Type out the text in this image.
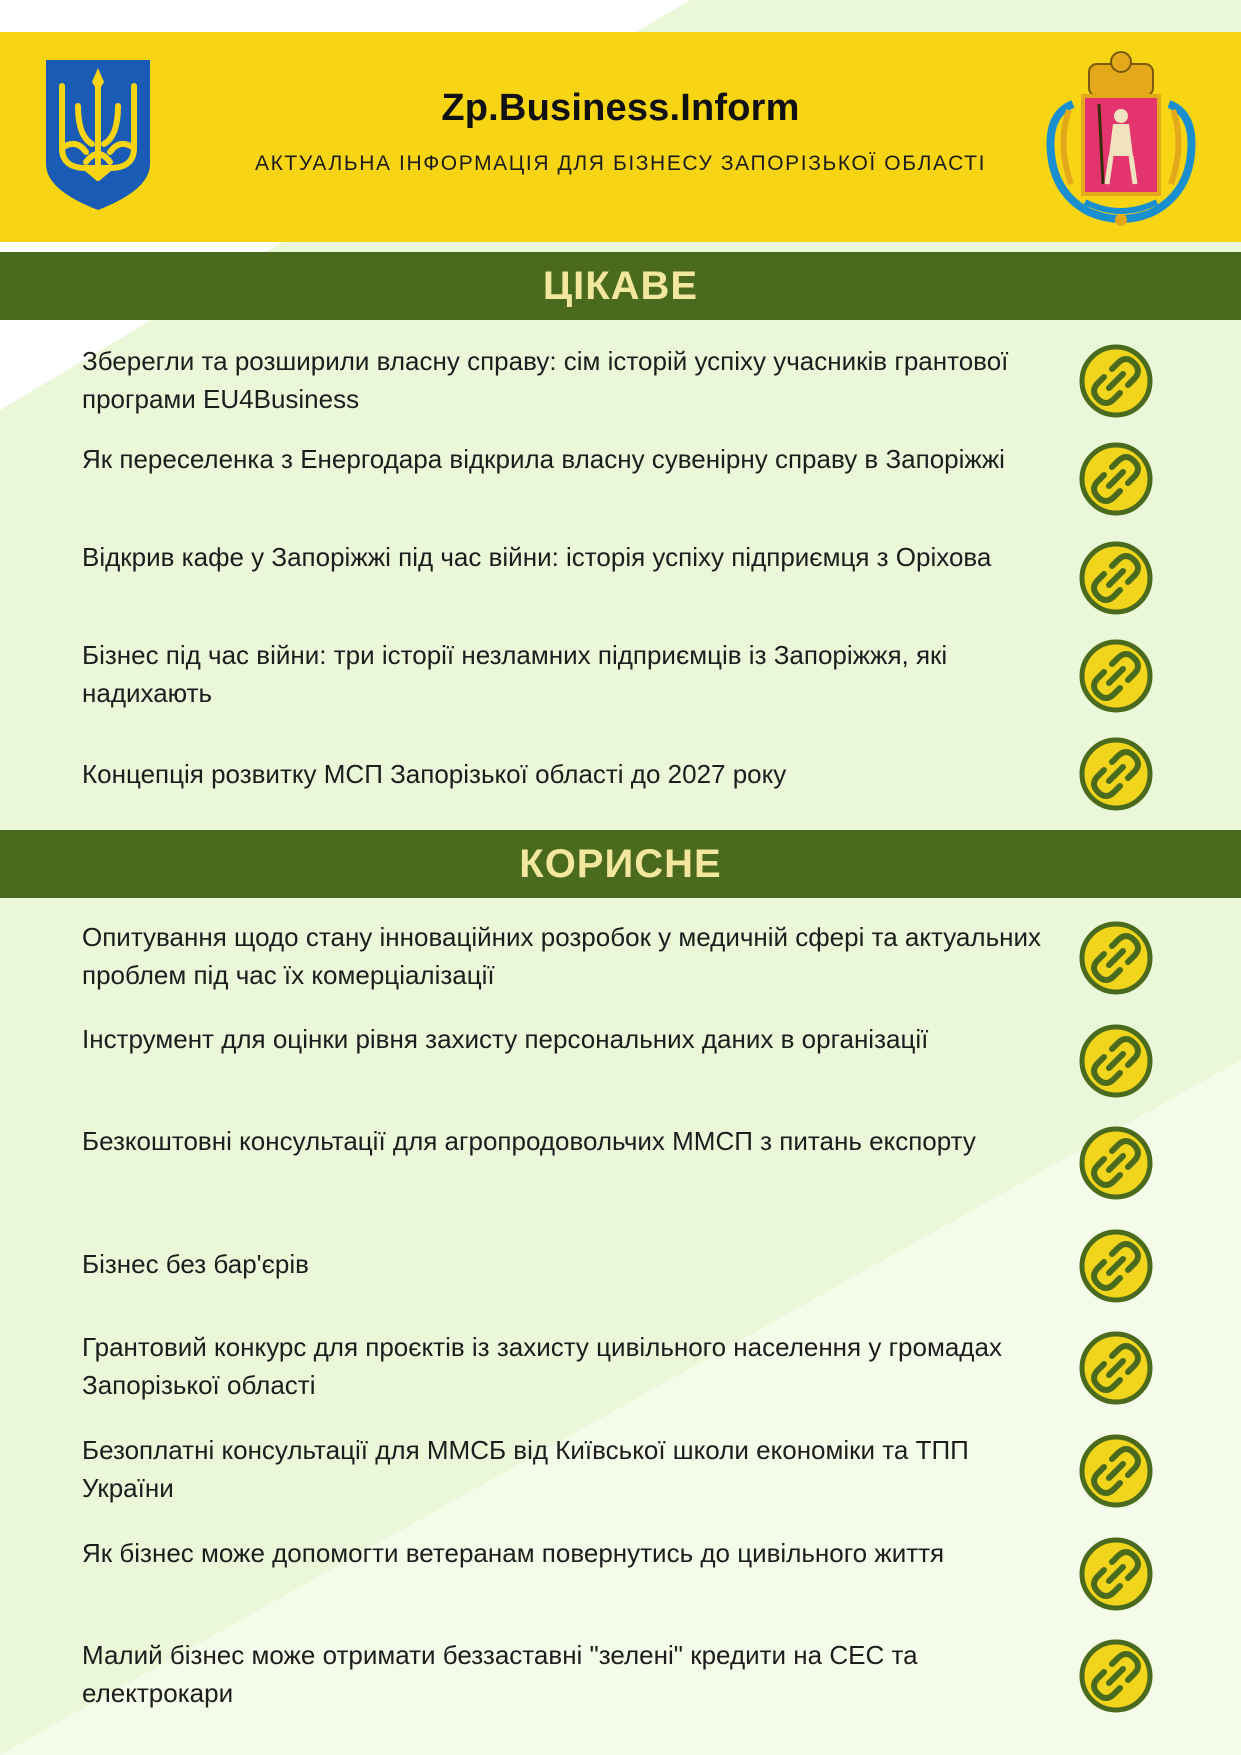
Zp.Business.Inform
АКТУАЛЬНА ІНФОРМАЦІЯ ДЛЯ БІЗНЕСУ ЗАПОРІЗЬКОЇ ОБЛАСТІ
ЦІКАВЕ
Зберегли та розширили власну справу: сім історій успіху учасників грантової програми EU4Business
Як переселенка з Енергодара відкрила власну сувенірну справу в Запоріжжі
Відкрив кафе у Запоріжжі під час війни: історія успіху підприємця з Оріхова
Бізнес під час війни: три історії незламних підприємців із Запоріжжя, які надихають
Концепція розвитку МСП Запорізької області до 2027 року
КОРИСНЕ
Опитування щодо стану інноваційних розробок у медичній сфері та актуальних проблем під час їх комерціалізації
Інструмент для оцінки рівня захисту персональних даних в організації
Безкоштовні консультації для агропродовольчих ММСП з питань експорту
Бізнес без бар'єрів
Грантовий конкурс для проєктів із захисту цивільного населення у громадах Запорізької області
Безоплатні консультації для ММСБ від Київської школи економіки та ТПП України
Як бізнес може допомогти ветеранам повернутись до цивільного життя
Малий бізнес може отримати беззаставні "зелені" кредити на СЕС та електрокари
